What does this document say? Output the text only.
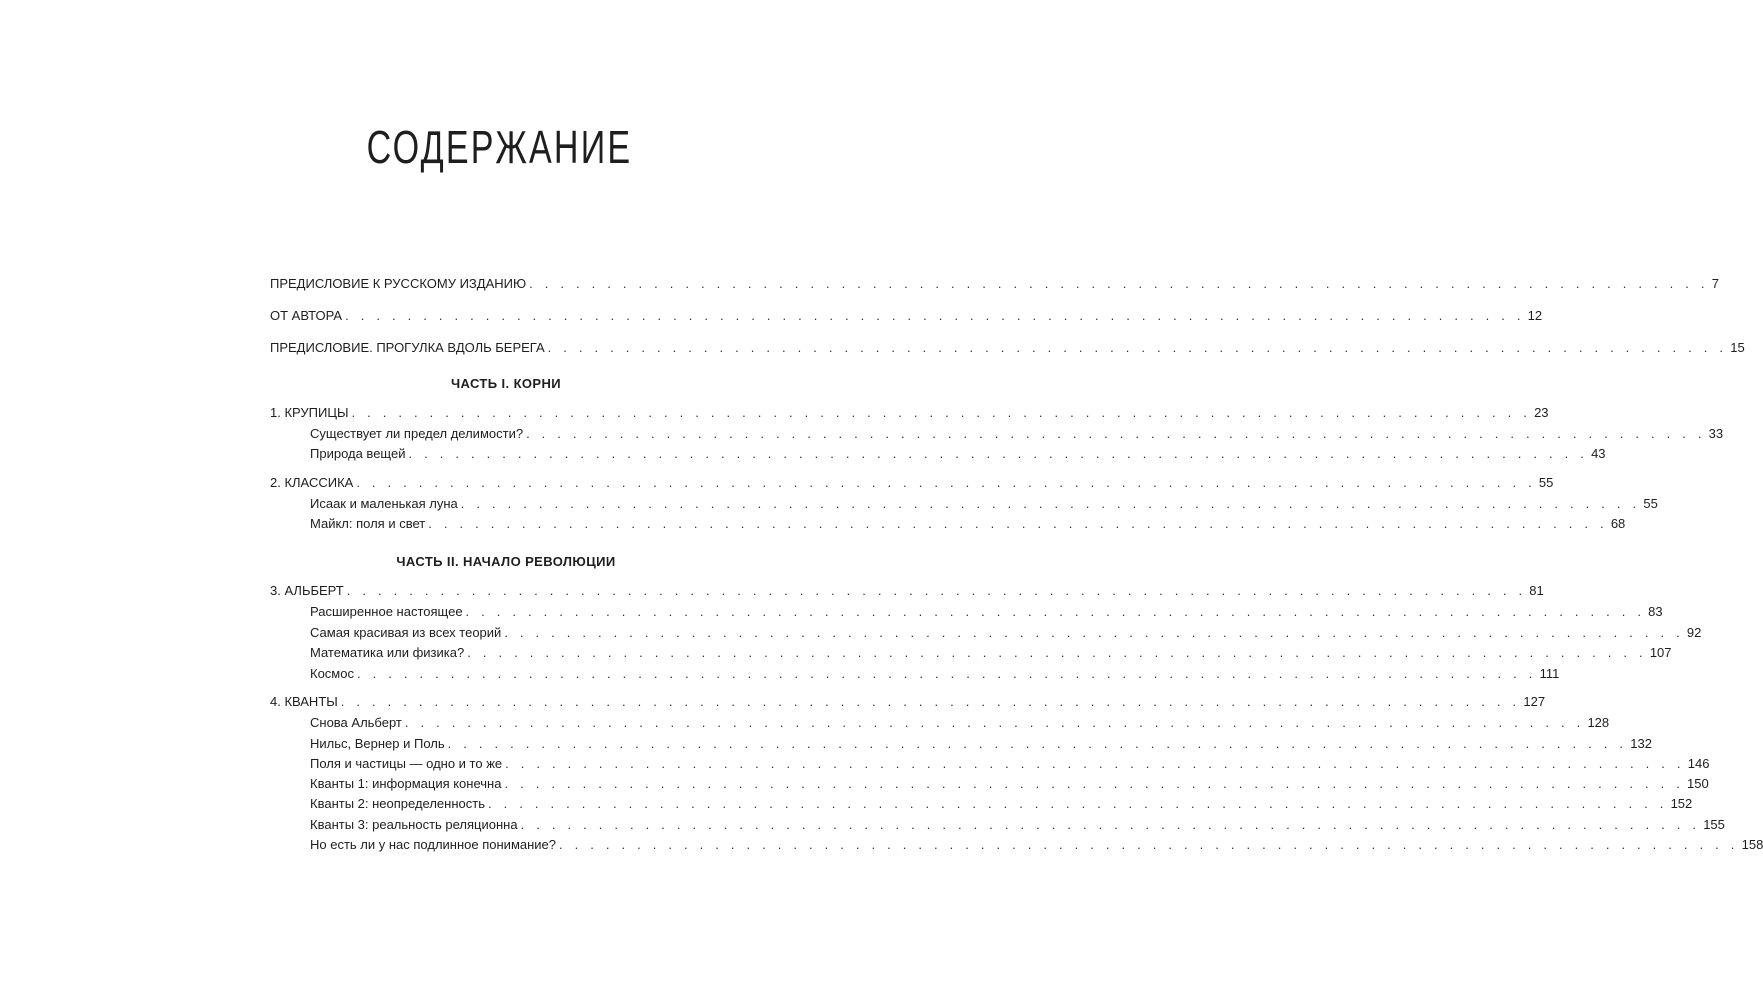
СОДЕРЖАНИЕ
ПРЕДИСЛОВИЕ К РУССКОМУ ИЗДАНИЮ . . . . . . . . . . . . . . . . . . . . . . . . . . . . . . . . . . . . . . . . . . . . . . . . . . . . . . . . . . . . . . . . . . . . . . . . . . . . 7
ОТ АВТОРА . . . . . . . . . . . . . . . . . . . . . . . . . . . . . . . . . . . . . . . . . . . . . . . . . . . . . . . . . . . . . . . . . . . . . . . . . . . . 12
ПРЕДИСЛОВИЕ. ПРОГУЛКА ВДОЛЬ БЕРЕГА . . . . . . . . . . . . . . . . . . . . . . . . . . . . . . . . . . . . . . . . . . . . . . . . . . . . . . . . . . . . . . . . . . . . . . . . . . . . 15
ЧАСТЬ I. КОРНИ
1. КРУПИЦЫ . . . . . . . . . . . . . . . . . . . . . . . . . . . . . . . . . . . . . . . . . . . . . . . . . . . . . . . . . . . . . . . . . . . . . . . . . . . . 23
Существует ли предел делимости? . . . . . . . . . . . . . . . . . . . . . . . . . . . . . . . . . . . . . . . . . . . . . . . . . . . . . . . . . . . . . . . . . . . . . . . . . . . . 33
Природа вещей . . . . . . . . . . . . . . . . . . . . . . . . . . . . . . . . . . . . . . . . . . . . . . . . . . . . . . . . . . . . . . . . . . . . . . . . . . . . 43
2. КЛАССИКА . . . . . . . . . . . . . . . . . . . . . . . . . . . . . . . . . . . . . . . . . . . . . . . . . . . . . . . . . . . . . . . . . . . . . . . . . . . . 55
Исаак и маленькая луна . . . . . . . . . . . . . . . . . . . . . . . . . . . . . . . . . . . . . . . . . . . . . . . . . . . . . . . . . . . . . . . . . . . . . . . . . . . . 55
Майкл: поля и свет . . . . . . . . . . . . . . . . . . . . . . . . . . . . . . . . . . . . . . . . . . . . . . . . . . . . . . . . . . . . . . . . . . . . . . . . . . . . 68
ЧАСТЬ II. НАЧАЛО РЕВОЛЮЦИИ
3. АЛЬБЕРТ . . . . . . . . . . . . . . . . . . . . . . . . . . . . . . . . . . . . . . . . . . . . . . . . . . . . . . . . . . . . . . . . . . . . . . . . . . . . 81
Расширенное настоящее . . . . . . . . . . . . . . . . . . . . . . . . . . . . . . . . . . . . . . . . . . . . . . . . . . . . . . . . . . . . . . . . . . . . . . . . . . . . 83
Самая красивая из всех теорий . . . . . . . . . . . . . . . . . . . . . . . . . . . . . . . . . . . . . . . . . . . . . . . . . . . . . . . . . . . . . . . . . . . . . . . . . . . . 92
Математика или физика? . . . . . . . . . . . . . . . . . . . . . . . . . . . . . . . . . . . . . . . . . . . . . . . . . . . . . . . . . . . . . . . . . . . . . . . . . . . . 107
Космос . . . . . . . . . . . . . . . . . . . . . . . . . . . . . . . . . . . . . . . . . . . . . . . . . . . . . . . . . . . . . . . . . . . . . . . . . . . . 111
4. КВАНТЫ . . . . . . . . . . . . . . . . . . . . . . . . . . . . . . . . . . . . . . . . . . . . . . . . . . . . . . . . . . . . . . . . . . . . . . . . . . . . 127
Снова Альберт . . . . . . . . . . . . . . . . . . . . . . . . . . . . . . . . . . . . . . . . . . . . . . . . . . . . . . . . . . . . . . . . . . . . . . . . . . . . 128
Нильс, Вернер и Поль . . . . . . . . . . . . . . . . . . . . . . . . . . . . . . . . . . . . . . . . . . . . . . . . . . . . . . . . . . . . . . . . . . . . . . . . . . . . 132
Поля и частицы — одно и то же . . . . . . . . . . . . . . . . . . . . . . . . . . . . . . . . . . . . . . . . . . . . . . . . . . . . . . . . . . . . . . . . . . . . . . . . . . . . 146
Кванты 1: информация конечна . . . . . . . . . . . . . . . . . . . . . . . . . . . . . . . . . . . . . . . . . . . . . . . . . . . . . . . . . . . . . . . . . . . . . . . . . . . . 150
Кванты 2: неопределенность . . . . . . . . . . . . . . . . . . . . . . . . . . . . . . . . . . . . . . . . . . . . . . . . . . . . . . . . . . . . . . . . . . . . . . . . . . . . 152
Кванты 3: реальность реляционна . . . . . . . . . . . . . . . . . . . . . . . . . . . . . . . . . . . . . . . . . . . . . . . . . . . . . . . . . . . . . . . . . . . . . . . . . . . . 155
Но есть ли у нас подлинное понимание? . . . . . . . . . . . . . . . . . . . . . . . . . . . . . . . . . . . . . . . . . . . . . . . . . . . . . . . . . . . . . . . . . . . . . . . . . . . . 158
